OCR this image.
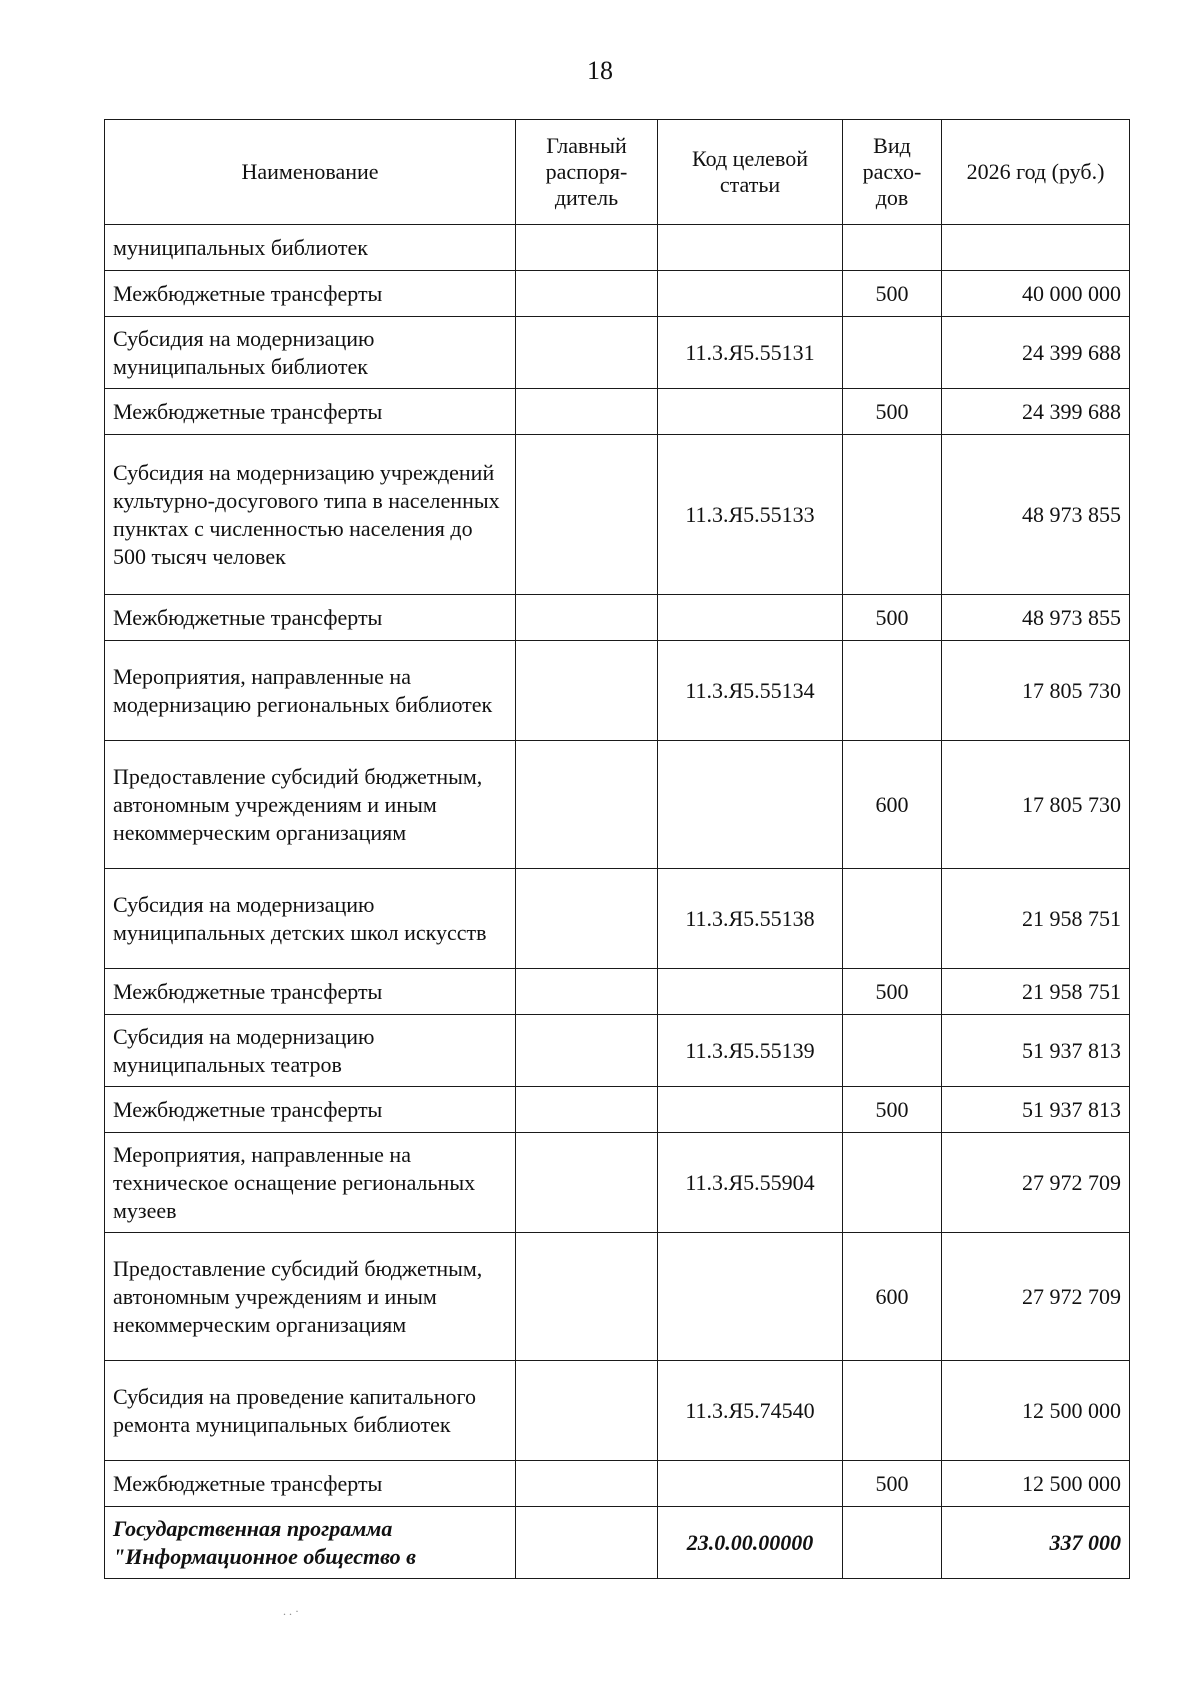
18
Наименование	Главный распоря-дитель	Код целевой статьи	Вид расхо-дов	2026 год (руб.)
муниципальных библиотек				
Межбюджетные трансферты			500	40 000 000
Субсидия на модернизацию муниципальных библиотек		11.3.Я5.55131		24 399 688
Межбюджетные трансферты			500	24 399 688
Субсидия на модернизацию учреждений культурно-досугового типа в населенных пунктах с численностью населения до 500 тысяч человек		11.3.Я5.55133		48 973 855
Межбюджетные трансферты			500	48 973 855
Мероприятия, направленные на модернизацию региональных библиотек		11.3.Я5.55134		17 805 730
Предоставление субсидий бюджетным, автономным учреждениям и иным некоммерческим организациям			600	17 805 730
Субсидия на модернизацию муниципальных детских школ искусств		11.3.Я5.55138		21 958 751
Межбюджетные трансферты			500	21 958 751
Субсидия на модернизацию муниципальных театров		11.3.Я5.55139		51 937 813
Межбюджетные трансферты			500	51 937 813
Мероприятия, направленные на техническое оснащение региональных музеев		11.3.Я5.55904		27 972 709
Предоставление субсидий бюджетным, автономным учреждениям и иным некоммерческим организациям			600	27 972 709
Субсидия на проведение капитального ремонта муниципальных библиотек		11.3.Я5.74540		12 500 000
Межбюджетные трансферты			500	12 500 000
Государственная программа "Информационное общество в		23.0.00.00000		337 000
. . ·
